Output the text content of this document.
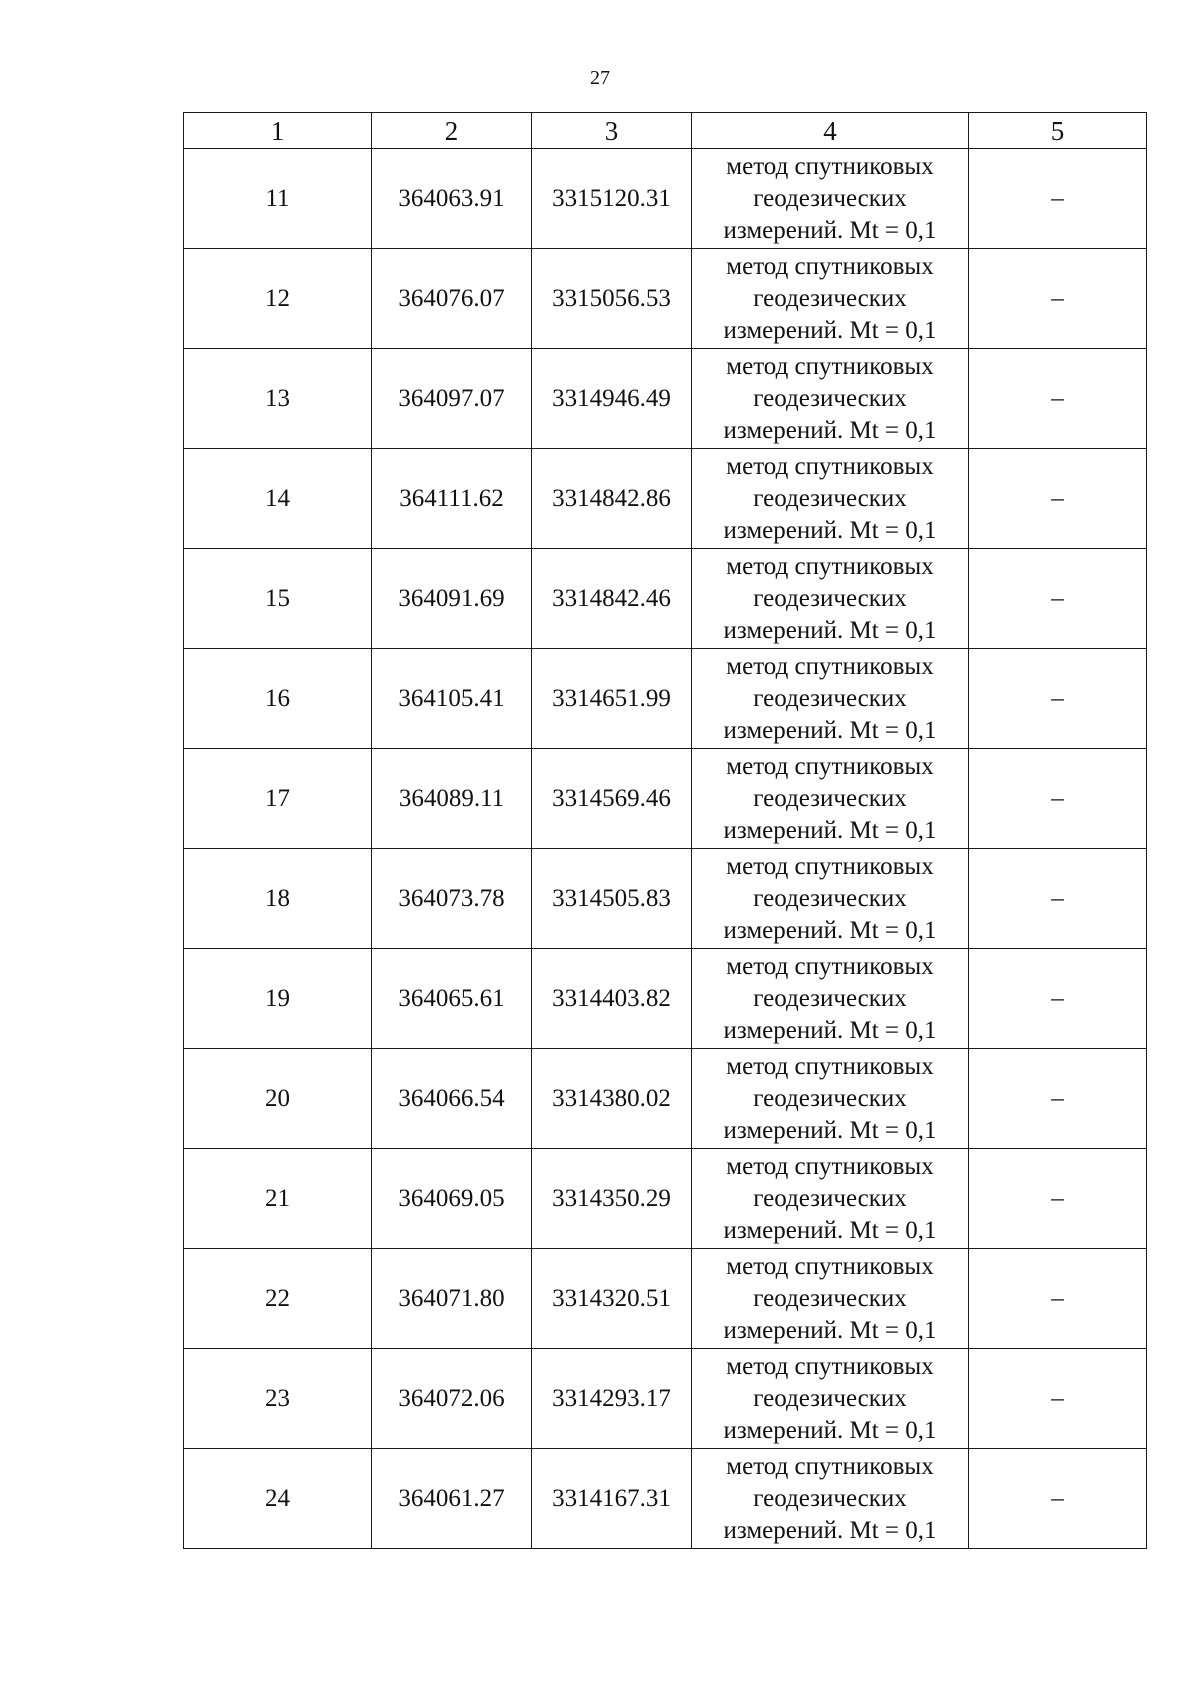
27
1	2	3	4	5
11	364063.91	3315120.31	метод спутниковых
геодезических
измерений. Mt = 0,1	–
12	364076.07	3315056.53	метод спутниковых
геодезических
измерений. Mt = 0,1	–
13	364097.07	3314946.49	метод спутниковых
геодезических
измерений. Mt = 0,1	–
14	364111.62	3314842.86	метод спутниковых
геодезических
измерений. Mt = 0,1	–
15	364091.69	3314842.46	метод спутниковых
геодезических
измерений. Mt = 0,1	–
16	364105.41	3314651.99	метод спутниковых
геодезических
измерений. Mt = 0,1	–
17	364089.11	3314569.46	метод спутниковых
геодезических
измерений. Mt = 0,1	–
18	364073.78	3314505.83	метод спутниковых
геодезических
измерений. Mt = 0,1	–
19	364065.61	3314403.82	метод спутниковых
геодезических
измерений. Mt = 0,1	–
20	364066.54	3314380.02	метод спутниковых
геодезических
измерений. Mt = 0,1	–
21	364069.05	3314350.29	метод спутниковых
геодезических
измерений. Mt = 0,1	–
22	364071.80	3314320.51	метод спутниковых
геодезических
измерений. Mt = 0,1	–
23	364072.06	3314293.17	метод спутниковых
геодезических
измерений. Mt = 0,1	–
24	364061.27	3314167.31	метод спутниковых
геодезических
измерений. Mt = 0,1	–
